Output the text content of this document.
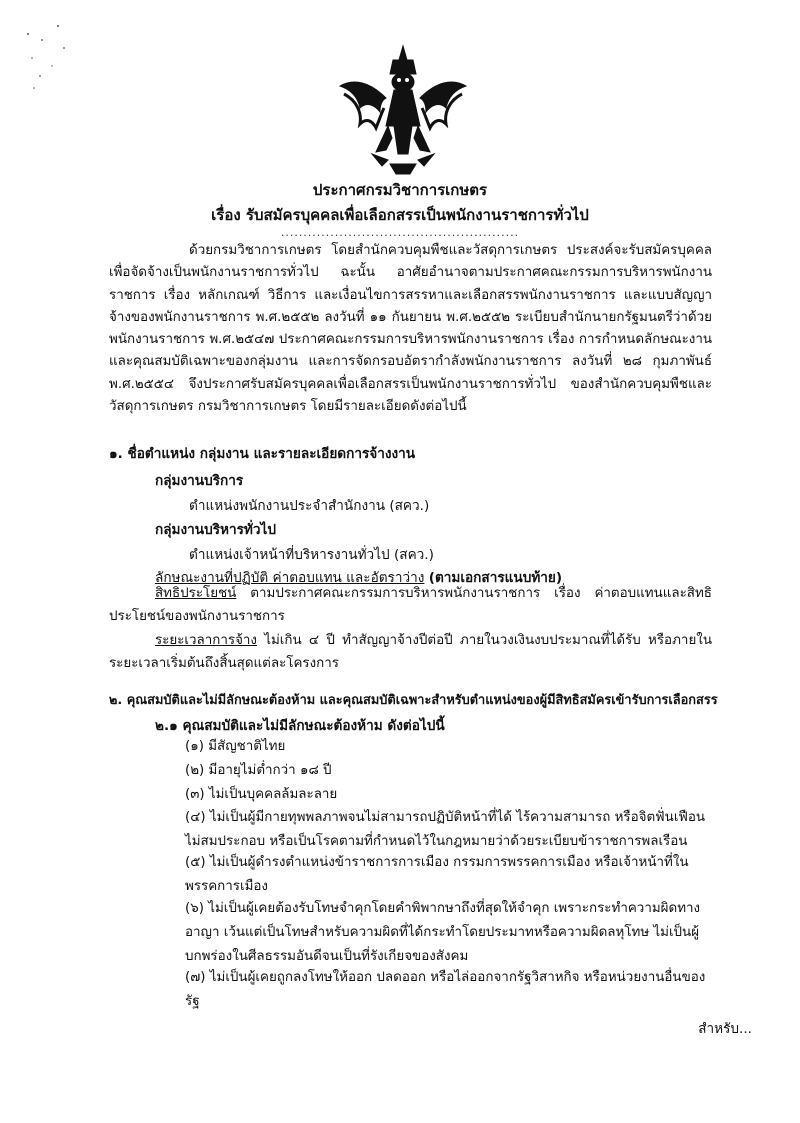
ประกาศกรมวิชาการเกษตร
เรื่อง รับสมัครบุคคลเพื่อเลือกสรรเป็นพนักงานราชการทั่วไป
.....................................................

ด้วยกรมวิชาการเกษตร โดยสำนักควบคุมพืชและวัสดุการเกษตร ประสงค์จะรับสมัครบุคคลเพื่อจัดจ้างเป็นพนักงานราชการทั่วไป ฉะนั้น อาศัยอำนาจตามประกาศคณะกรรมการบริหารพนักงานราชการ เรื่อง หลักเกณฑ์ วิธีการ และเงื่อนไขการสรรหาและเลือกสรรพนักงานราชการ และแบบสัญญาจ้างของพนักงานราชการ พ.ศ.๒๕๕๒ ลงวันที่ ๑๑ กันยายน พ.ศ.๒๕๕๒ ระเบียบสำนักนายกรัฐมนตรีว่าด้วยพนักงานราชการ พ.ศ.๒๕๔๗ ประกาศคณะกรรมการบริหารพนักงานราชการ เรื่อง การกำหนดลักษณะงานและคุณสมบัติเฉพาะของกลุ่มงาน และการจัดกรอบอัตรากำลังพนักงานราชการ ลงวันที่ ๒๘ กุมภาพันธ์ พ.ศ.๒๕๕๔ จึงประกาศรับสมัครบุคคลเพื่อเลือกสรรเป็นพนักงานราชการทั่วไป ของสำนักควบคุมพืชและวัสดุการเกษตร กรมวิชาการเกษตร โดยมีรายละเอียดดังต่อไปนี้

๑. ชื่อตำแหน่ง กลุ่มงาน และรายละเอียดการจ้างงาน
กลุ่มงานบริการ
ตำแหน่งพนักงานประจำสำนักงาน (สคว.)
กลุ่มงานบริหารทั่วไป
ตำแหน่งเจ้าหน้าที่บริหารงานทั่วไป (สคว.)
ลักษณะงานที่ปฏิบัติ ค่าตอบแทน และอัตราว่าง (ตามเอกสารแนบท้าย)
สิทธิประโยชน์ ตามประกาศคณะกรรมการบริหารพนักงานราชการ เรื่อง ค่าตอบแทนและสิทธิประโยชน์ของพนักงานราชการ
ระยะเวลาการจ้าง ไม่เกิน ๔ ปี ทำสัญญาจ้างปีต่อปี ภายในวงเงินงบประมาณที่ได้รับ หรือภายในระยะเวลาเริ่มต้นถึงสิ้นสุดแต่ละโครงการ
๒. คุณสมบัติและไม่มีลักษณะต้องห้าม และคุณสมบัติเฉพาะสำหรับตำแหน่งของผู้มีสิทธิสมัครเข้ารับการเลือกสรร
๒.๑ คุณสมบัติและไม่มีลักษณะต้องห้าม ดังต่อไปนี้
(๑) มีสัญชาติไทย
(๒) มีอายุไม่ต่ำกว่า ๑๘ ปี
(๓) ไม่เป็นบุคคลล้มละลาย
(๔) ไม่เป็นผู้มีกายทุพพลภาพจนไม่สามารถปฏิบัติหน้าที่ได้ ไร้ความสามารถ หรือจิตฟั่นเฟือนไม่สมประกอบ หรือเป็นโรคตามที่กำหนดไว้ในกฎหมายว่าด้วยระเบียบข้าราชการพลเรือน
(๕) ไม่เป็นผู้ดำรงตำแหน่งข้าราชการการเมือง กรรมการพรรคการเมือง หรือเจ้าหน้าที่ในพรรคการเมือง
(๖) ไม่เป็นผู้เคยต้องรับโทษจำคุกโดยคำพิพากษาถึงที่สุดให้จำคุก เพราะกระทำความผิดทางอาญา เว้นแต่เป็นโทษสำหรับความผิดที่ได้กระทำโดยประมาทหรือความผิดลหุโทษ ไม่เป็นผู้บกพร่องในศีลธรรมอันดีจนเป็นที่รังเกียจของสังคม
(๗) ไม่เป็นผู้เคยถูกลงโทษให้ออก ปลดออก หรือไล่ออกจากรัฐวิสาหกิจ หรือหน่วยงานอื่นของรัฐ
สำหรับ...
